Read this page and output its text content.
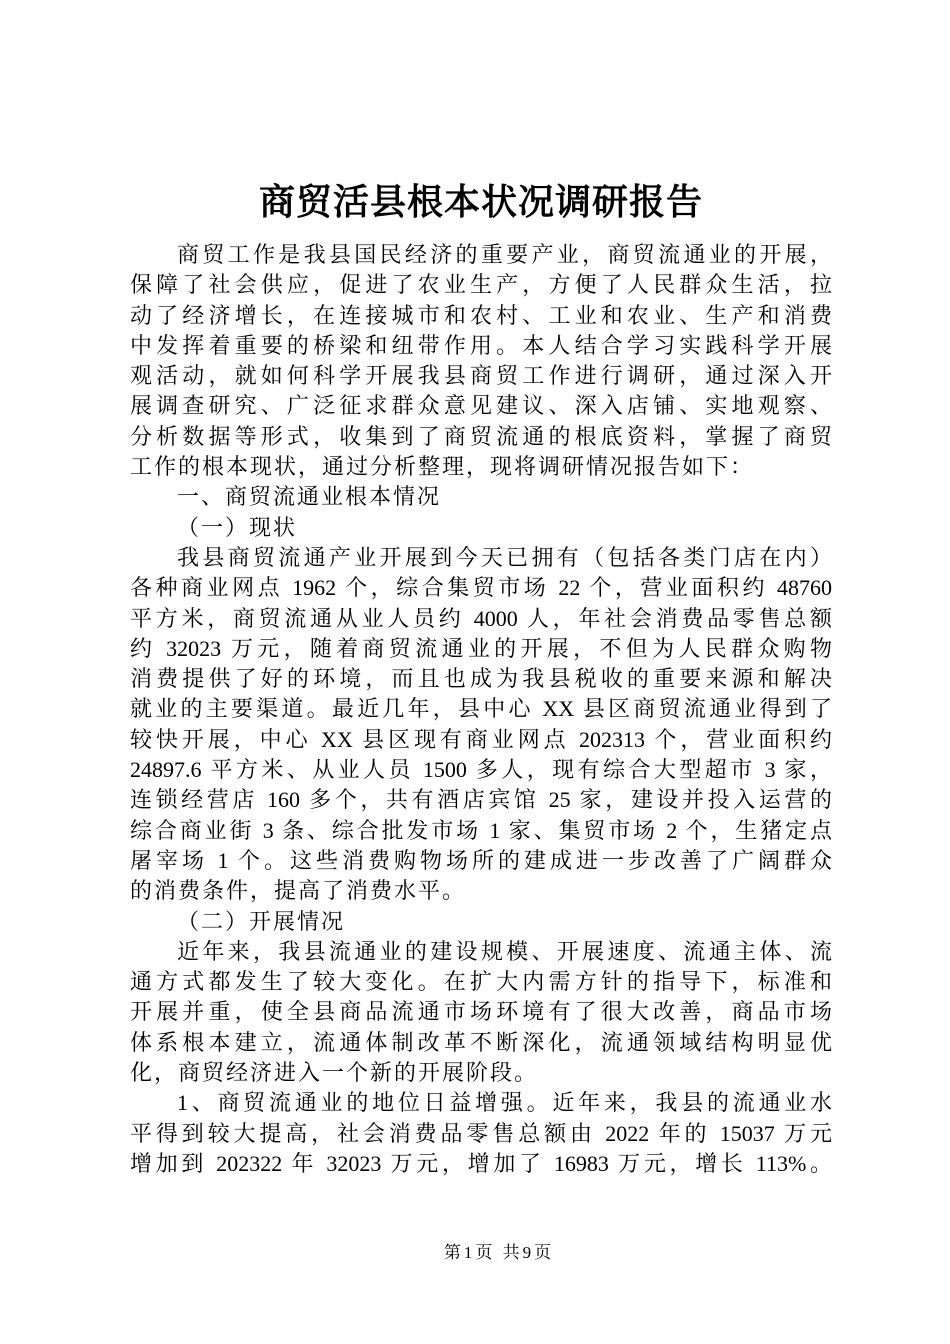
商贸活县根本状况调研报告
商贸工作是我县国民经济的重要产业，商贸流通业的开展，
保障了社会供应，促进了农业生产，方便了人民群众生活，拉
动了经济增长，在连接城市和农村、工业和农业、生产和消费
中发挥着重要的桥梁和纽带作用。本人结合学习实践科学开展
观活动，就如何科学开展我县商贸工作进行调研，通过深入开
展调查研究、广泛征求群众意见建议、深入店铺、实地观察、
分析数据等形式，收集到了商贸流通的根底资料，掌握了商贸
工作的根本现状，通过分析整理，现将调研情况报告如下：
一、商贸流通业根本情况
（一）现状
我县商贸流通产业开展到今天已拥有（包括各类门店在内）
各种商业网点 1962 个，综合集贸市场 22 个，营业面积约 48760
平方米，商贸流通从业人员约 4000 人，年社会消费品零售总额
约 32023 万元，随着商贸流通业的开展，不但为人民群众购物
消费提供了好的环境，而且也成为我县税收的重要来源和解决
就业的主要渠道。最近几年，县中心 XX 县区商贸流通业得到了
较快开展，中心 XX 县区现有商业网点 202313 个，营业面积约
24897.6 平方米、从业人员 1500 多人，现有综合大型超市 3 家，
连锁经营店 160 多个，共有酒店宾馆 25 家，建设并投入运营的
综合商业街 3 条、综合批发市场 1 家、集贸市场 2 个，生猪定点
屠宰场 1 个。这些消费购物场所的建成进一步改善了广阔群众
的消费条件，提高了消费水平。
（二）开展情况
近年来，我县流通业的建设规模、开展速度、流通主体、流
通方式都发生了较大变化。在扩大内需方针的指导下，标准和
开展并重，使全县商品流通市场环境有了很大改善，商品市场
体系根本建立，流通体制改革不断深化，流通领域结构明显优
化，商贸经济进入一个新的开展阶段。
1、商贸流通业的地位日益增强。近年来，我县的流通业水
平得到较大提高，社会消费品零售总额由 2022 年的 15037 万元
增加到 202322 年 32023 万元，增加了 16983 万元，增长 113%。
第1页 共9页
